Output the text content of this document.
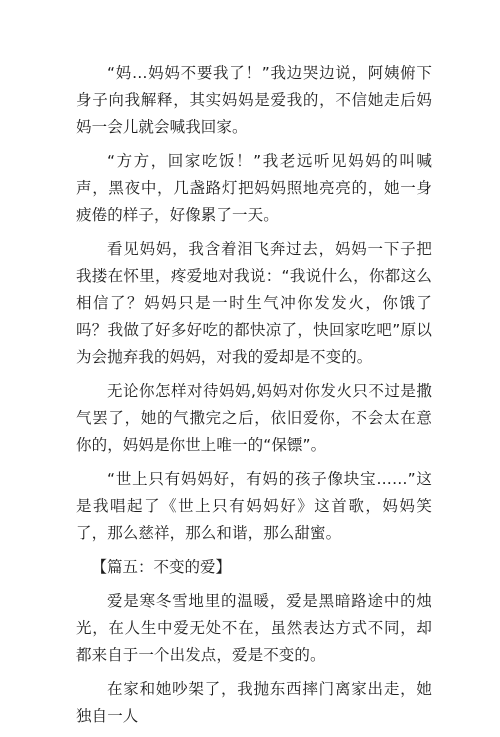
“妈…妈妈不要我了！”我边哭边说，阿姨俯下身子向我解释，其实妈妈是爱我的，不信她走后妈妈一会儿就会喊我回家。

“方方，回家吃饭！”我老远听见妈妈的叫喊声，黑夜中，几盏路灯把妈妈照地亮亮的，她一身疲倦的样子，好像累了一天。

看见妈妈，我含着泪飞奔过去，妈妈一下子把我搂在怀里，疼爱地对我说：“我说什么，你都这么相信了？妈妈只是一时生气冲你发发火，你饿了吗？我做了好多好吃的都快凉了，快回家吃吧”原以为会抛弃我的妈妈，对我的爱却是不变的。

无论你怎样对待妈妈,妈妈对你发火只不过是撒气罢了，她的气撒完之后，依旧爱你，不会太在意你的，妈妈是你世上唯一的“保镖”。

“世上只有妈妈好，有妈的孩子像块宝……”这是我唱起了《世上只有妈妈好》这首歌，妈妈笑了，那么慈祥，那么和谐，那么甜蜜。

【篇五：不变的爱】

爱是寒冬雪地里的温暖，爱是黑暗路途中的烛光，在人生中爱无处不在，虽然表达方式不同，却都来自于一个出发点，爱是不变的。

在家和她吵架了，我抛东西摔门离家出走，她独自一人
